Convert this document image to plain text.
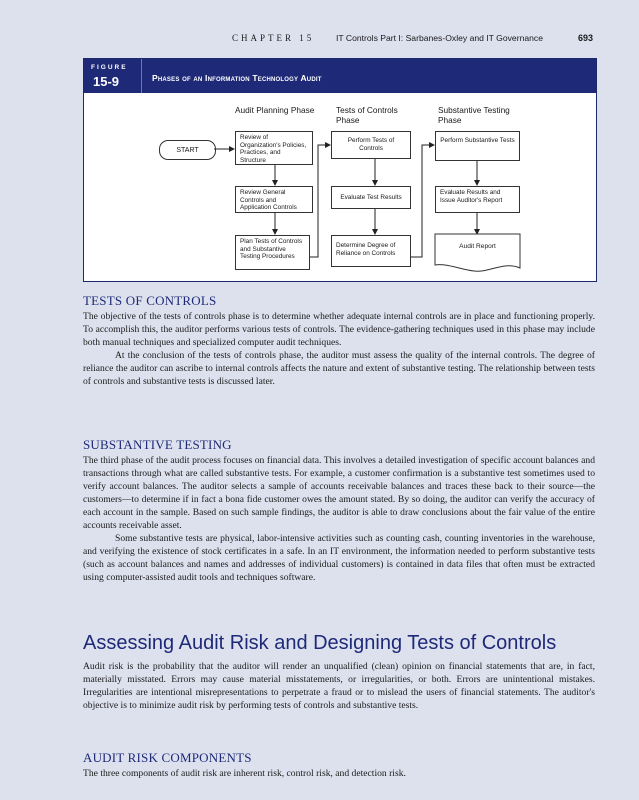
CHAPTER 15	IT Controls Part I: Sarbanes-Oxley and IT Governance	693
FIGURE
15-9	Phases of an Information Technology Audit
Audit Planning Phase	Tests of Controls Phase
Substantive Testing Phase
START
Review of Organization's Policies, Practices, and Structure
Review General Controls and Application Controls
Plan Tests of Controls and Substantive Testing Procedures
Perform Tests of Controls
Evaluate Test Results
Determine Degree of Reliance on Controls
Perform Substantive Tests
Evaluate Results and Issue Auditor's Report
Audit Report
TESTS OF CONTROLS

The objective of the tests of controls phase is to determine whether adequate internal controls are in place and functioning properly. To accomplish this, the auditor performs various tests of controls. The evidence-gathering techniques used in this phase may include both manual techniques and specialized computer audit techniques.

At the conclusion of the tests of controls phase, the auditor must assess the quality of the internal controls. The degree of reliance the auditor can ascribe to internal controls affects the nature and extent of substantive testing. The relationship between tests of controls and substantive tests is discussed later.

SUBSTANTIVE TESTING

The third phase of the audit process focuses on financial data. This involves a detailed investigation of specific account balances and transactions through what are called substantive tests. For example, a customer confirmation is a substantive test sometimes used to verify account balances. The auditor selects a sample of accounts receivable balances and traces these back to their source—the customers—to determine if in fact a bona fide customer owes the amount stated. By so doing, the auditor can verify the accuracy of each account in the sample. Based on such sample findings, the auditor is able to draw conclusions about the fair value of the entire accounts receivable asset.

Some substantive tests are physical, labor-intensive activities such as counting cash, counting inventories in the warehouse, and verifying the existence of stock certificates in a safe. In an IT environment, the information needed to perform substantive tests (such as account balances and names and addresses of individual customers) is contained in data files that often must be extracted using computer-assisted audit tools and techniques software.

Assessing Audit Risk and Designing Tests of Controls

Audit risk is the probability that the auditor will render an unqualified (clean) opinion on financial statements that are, in fact, materially misstated. Errors may cause material misstatements, or irregularities, or both. Errors are unintentional mistakes. Irregularities are intentional misrepresentations to perpetrate a fraud or to mislead the users of financial statements. The auditor's objective is to minimize audit risk by performing tests of controls and substantive tests.

AUDIT RISK COMPONENTS

The three components of audit risk are inherent risk, control risk, and detection risk.
